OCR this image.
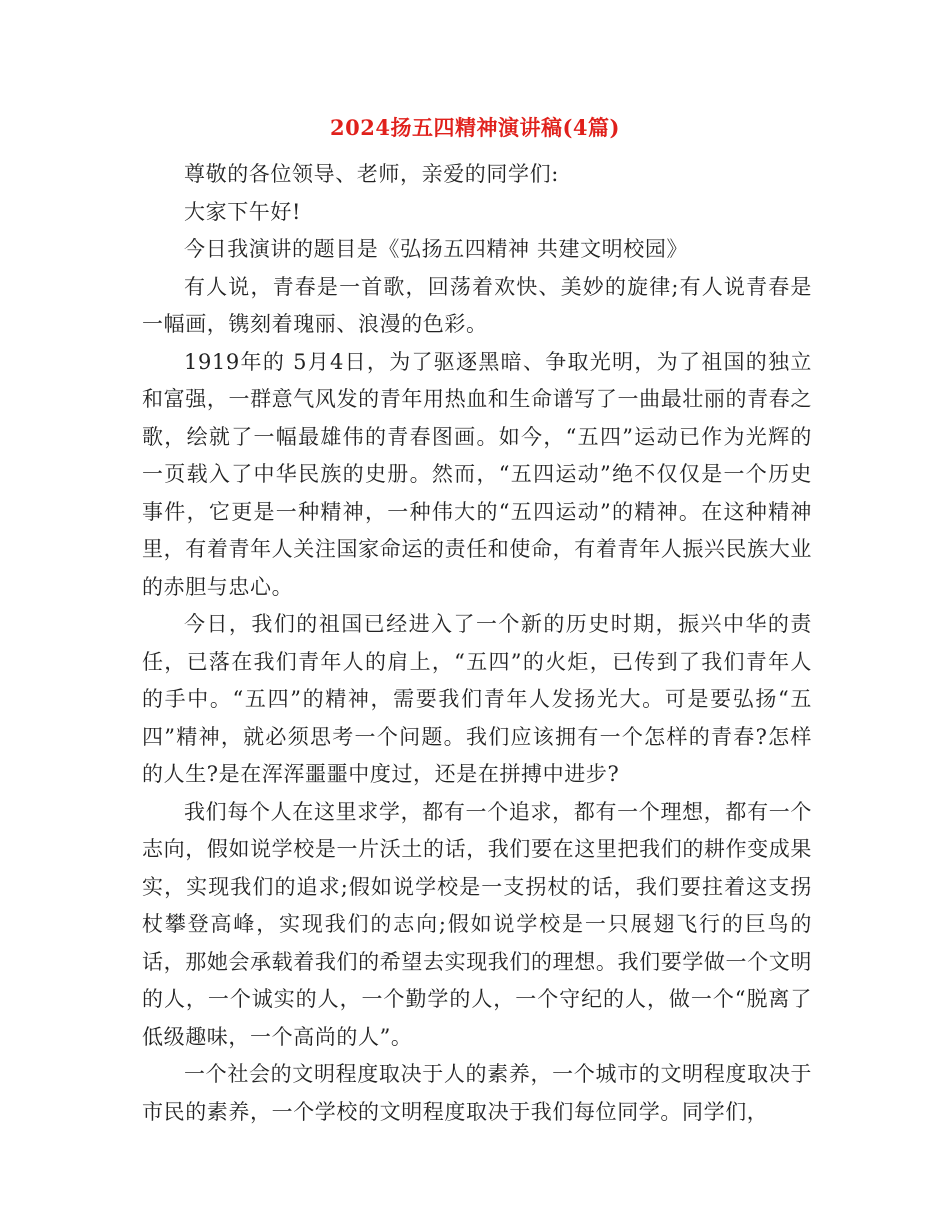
2024扬五四精神演讲稿(4篇)

尊敬的各位领导、老师，亲爱的同学们:

大家下午好!

今日我演讲的题目是《弘扬五四精神 共建文明校园》

有人说，青春是一首歌，回荡着欢快、美妙的旋律;有人说青春是一幅画，镌刻着瑰丽、浪漫的色彩。

1919年的 5月4日，为了驱逐黑暗、争取光明，为了祖国的独立和富强，一群意气风发的青年用热血和生命谱写了一曲最壮丽的青春之歌，绘就了一幅最雄伟的青春图画。如今，“五四”运动已作为光辉的一页载入了中华民族的史册。然而，“五四运动”绝不仅仅是一个历史事件，它更是一种精神，一种伟大的“五四运动”的精神。在这种精神里，有着青年人关注国家命运的责任和使命，有着青年人振兴民族大业的赤胆与忠心。

今日，我们的祖国已经进入了一个新的历史时期，振兴中华的责任，已落在我们青年人的肩上，“五四”的火炬，已传到了我们青年人的手中。“五四”的精神，需要我们青年人发扬光大。可是要弘扬“五四”精神，就必须思考一个问题。我们应该拥有一个怎样的青春?怎样的人生?是在浑浑噩噩中度过，还是在拼搏中进步?

我们每个人在这里求学，都有一个追求，都有一个理想，都有一个志向，假如说学校是一片沃土的话，我们要在这里把我们的耕作变成果实，实现我们的追求;假如说学校是一支拐杖的话，我们要拄着这支拐杖攀登高峰，实现我们的志向;假如说学校是一只展翅飞行的巨鸟的话，那她会承载着我们的希望去实现我们的理想。我们要学做一个文明的人，一个诚实的人，一个勤学的人，一个守纪的人，做一个“脱离了低级趣味，一个高尚的人”。

一个社会的文明程度取决于人的素养，一个城市的文明程度取决于市民的素养，一个学校的文明程度取决于我们每位同学。同学们，
